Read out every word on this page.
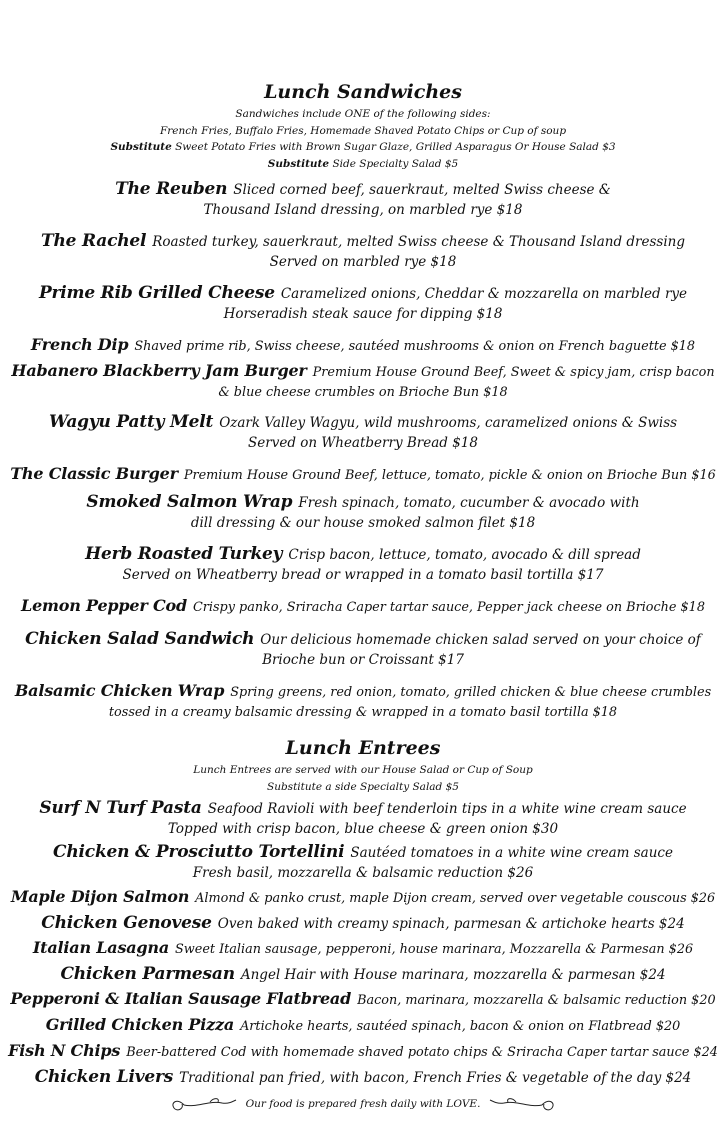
Lunch Sandwiches
Sandwiches include ONE of the following sides:
French Fries, Buffalo Fries, Homemade Shaved Potato Chips or Cup of soup
Substitute Sweet Potato Fries with Brown Sugar Glaze, Grilled Asparagus Or House Salad $3
Substitute Side Specialty Salad $5
The Reuben Sliced corned beef, sauerkraut, melted Swiss cheese &
Thousand Island dressing, on marbled rye $18
The Rachel Roasted turkey, sauerkraut, melted Swiss cheese & Thousand Island dressing
Served on marbled rye $18
Prime Rib Grilled Cheese Caramelized onions, Cheddar & mozzarella on marbled rye
Horseradish steak sauce for dipping $18
French Dip Shaved prime rib, Swiss cheese, sautéed mushrooms & onion on French baguette $18
Habanero Blackberry Jam Burger Premium House Ground Beef, Sweet & spicy jam, crisp bacon
& blue cheese crumbles on Brioche Bun $18
Wagyu Patty Melt Ozark Valley Wagyu, wild mushrooms, caramelized onions & Swiss
Served on Wheatberry Bread $18
The Classic Burger Premium House Ground Beef, lettuce, tomato, pickle & onion on Brioche Bun $16
Smoked Salmon Wrap Fresh spinach, tomato, cucumber & avocado with
dill dressing & our house smoked salmon filet $18
Herb Roasted Turkey Crisp bacon, lettuce, tomato, avocado & dill spread
Served on Wheatberry bread or wrapped in a tomato basil tortilla $17
Lemon Pepper Cod Crispy panko, Sriracha Caper tartar sauce, Pepper jack cheese on Brioche $18
Chicken Salad Sandwich Our delicious homemade chicken salad served on your choice of
Brioche bun or Croissant $17
Balsamic Chicken Wrap Spring greens, red onion, tomato, grilled chicken & blue cheese crumbles
tossed in a creamy balsamic dressing & wrapped in a tomato basil tortilla $18
Lunch Entrees
Lunch Entrees are served with our House Salad or Cup of Soup
Substitute a side Specialty Salad $5
Surf N Turf Pasta Seafood Ravioli with beef tenderloin tips in a white wine cream sauce
Topped with crisp bacon, blue cheese & green onion $30
Chicken & Prosciutto Tortellini Sautéed tomatoes in a white wine cream sauce
Fresh basil, mozzarella & balsamic reduction $26
Maple Dijon Salmon Almond & panko crust, maple Dijon cream, served over vegetable couscous $26
Chicken Genovese Oven baked with creamy spinach, parmesan & artichoke hearts $24
Italian Lasagna Sweet Italian sausage, pepperoni, house marinara, Mozzarella & Parmesan $26
Chicken Parmesan Angel Hair with House marinara, mozzarella & parmesan $24
Pepperoni & Italian Sausage Flatbread Bacon, marinara, mozzarella & balsamic reduction $20
Grilled Chicken Pizza Artichoke hearts, sautéed spinach, bacon & onion on Flatbread $20
Fish N Chips Beer-battered Cod with homemade shaved potato chips & Sriracha Caper tartar sauce $24
Chicken Livers Traditional pan fried, with bacon, French Fries & vegetable of the day $24
Our food is prepared fresh daily with LOVE.
